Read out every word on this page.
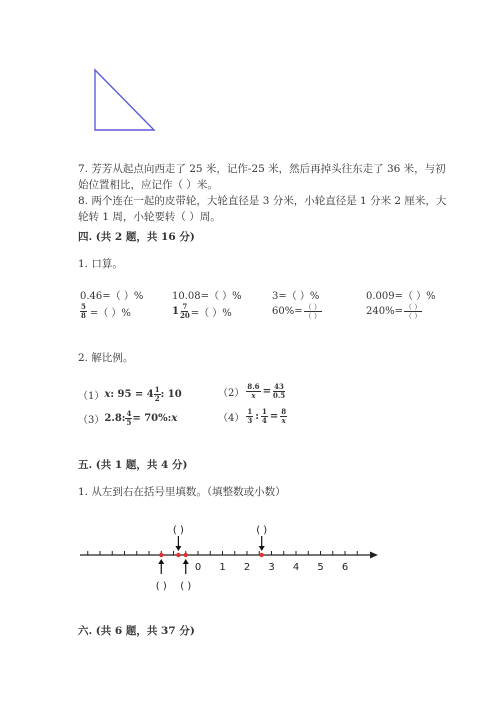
7. 芳芳从起点向西走了 25 米，记作-25 米，然后再掉头往东走了 36 米，与初
始位置相比，应记作（ ）米。
8. 两个连在一起的皮带轮，大轮直径是 3 分米，小轮直径是 1 分米 2 厘米，大
轮转 1 周，小轮要转（ ）周。
四. (共 2 题，共 16 分)
1. 口算。
0.46=（ ）%	10.08=（ ）%	3=（ ）%	0.009=（ ）%
$\frac{5}{8}$ =（ ）%	$1 \frac{7}{20}$ =（ ）%	$60\%= \frac{( )}{( )}$	$240\%= \frac{( )}{( )}$
2. 解比例。
（1） x : $95 = 4 \frac{1}{2}$ : 10	$(2) \frac{8.6}{x} = \frac{43}{0.5}$
（3） 2.8: $\frac{4}{5} = 70\%$: x	$(4) \frac{1}{3}$ : $\frac{1}{4} = \frac{8}{x}$
五. (共 1 题，共 4 分)
1. 从左到右在括号里填数。（填整数或小数）
0 1 2 3 4 5 6
( )
( )
( )
( )
六. (共 6 题，共 37 分)
